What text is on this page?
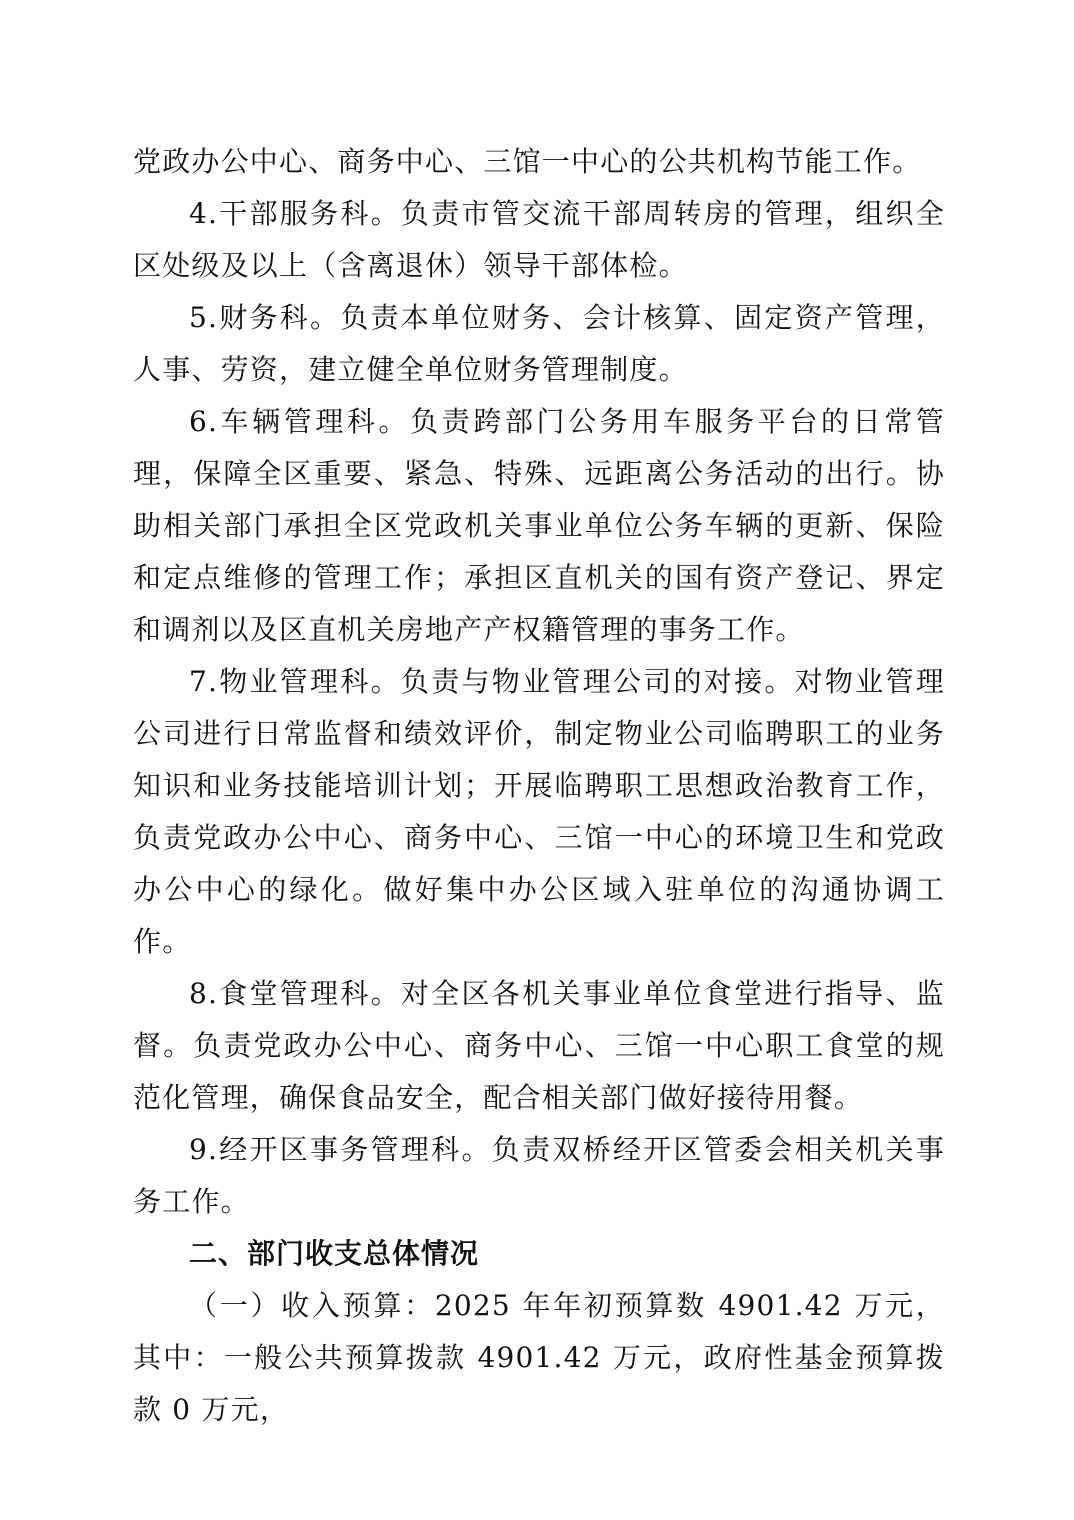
党政办公中心、商务中心、三馆一中心的公共机构节能工作。

4.干部服务科。负责市管交流干部周转房的管理，组织全区处级及以上（含离退休）领导干部体检。

5.财务科。负责本单位财务、会计核算、固定资产管理，人事、劳资，建立健全单位财务管理制度。

6.车辆管理科。负责跨部门公务用车服务平台的日常管理，保障全区重要、紧急、特殊、远距离公务活动的出行。协助相关部门承担全区党政机关事业单位公务车辆的更新、保险和定点维修的管理工作；承担区直机关的国有资产登记、界定和调剂以及区直机关房地产产权籍管理的事务工作。

7.物业管理科。负责与物业管理公司的对接。对物业管理公司进行日常监督和绩效评价，制定物业公司临聘职工的业务知识和业务技能培训计划；开展临聘职工思想政治教育工作，负责党政办公中心、商务中心、三馆一中心的环境卫生和党政办公中心的绿化。做好集中办公区域入驻单位的沟通协调工作。

8.食堂管理科。对全区各机关事业单位食堂进行指导、监督。负责党政办公中心、商务中心、三馆一中心职工食堂的规范化管理，确保食品安全，配合相关部门做好接待用餐。

9.经开区事务管理科。负责双桥经开区管委会相关机关事务工作。

二、部门收支总体情况

（一）收入预算：2025 年年初预算数 4901.42 万元，其中：一般公共预算拨款 4901.42 万元，政府性基金预算拨款 0 万元，
